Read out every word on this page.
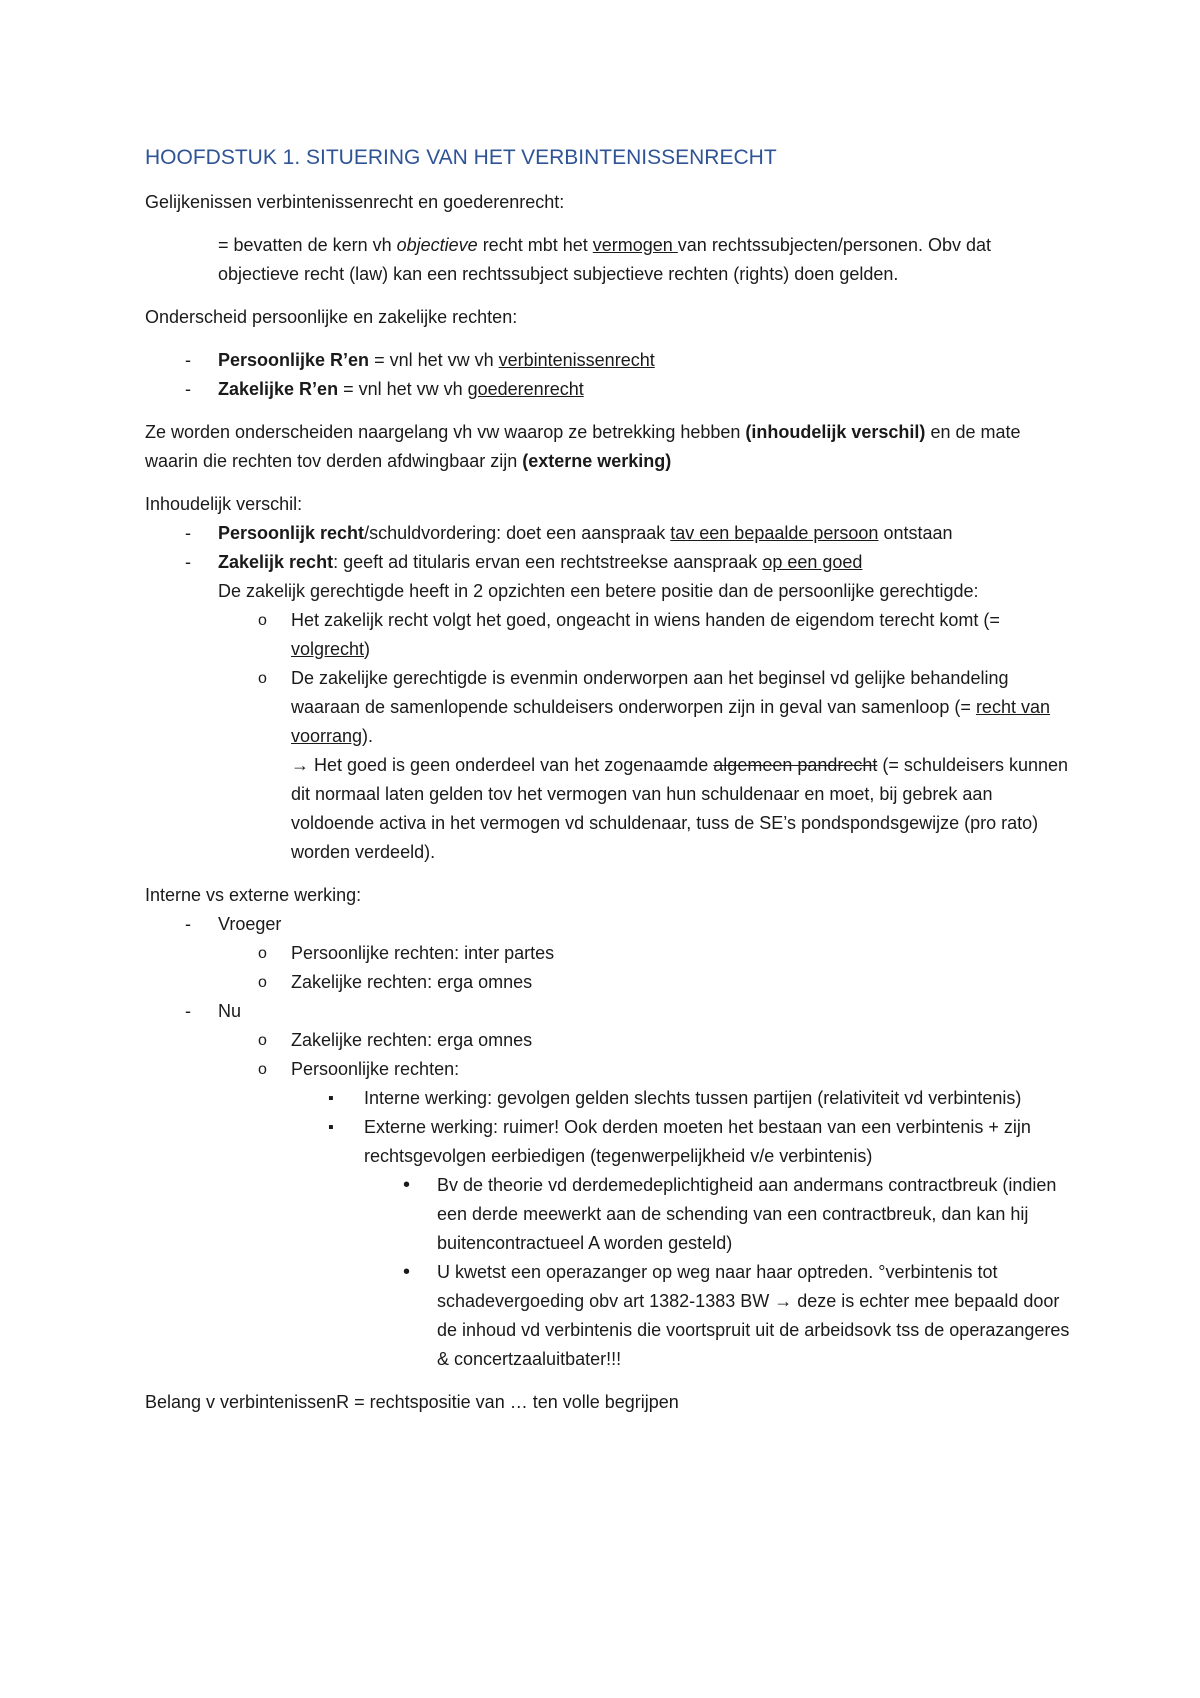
HOOFDSTUK 1. SITUERING VAN HET VERBINTENISSENRECHT
Gelijkenissen verbintenissenrecht en goederenrecht:
= bevatten de kern vh objectieve recht mbt het vermogen van rechtssubjecten/personen. Obv dat objectieve recht (law) kan een rechtssubject subjectieve rechten (rights) doen gelden.
Onderscheid persoonlijke en zakelijke rechten:
- Persoonlijke R’en = vnl het vw vh verbintenissenrecht
- Zakelijke R’en = vnl het vw vh goederenrecht
Ze worden onderscheiden naargelang vh vw waarop ze betrekking hebben (inhoudelijk verschil) en de mate waarin die rechten tov derden afdwingbaar zijn (externe werking)
Inhoudelijk verschil:
- Persoonlijk recht/schuldvordering: doet een aanspraak tav een bepaalde persoon ontstaan
- Zakelijk recht: geeft ad titularis ervan een rechtstreekse aanspraak op een goed
De zakelijk gerechtigde heeft in 2 opzichten een betere positie dan de persoonlijke gerechtigde:
o Het zakelijk recht volgt het goed, ongeacht in wiens handen de eigendom terecht komt (= volgrecht)
o De zakelijke gerechtigde is evenmin onderworpen aan het beginsel vd gelijke behandeling waaraan de samenlopende schuldeisers onderworpen zijn in geval van samenloop (= recht van voorrang).
→ Het goed is geen onderdeel van het zogenaamde algemeen pandrecht (= schuldeisers kunnen dit normaal laten gelden tov het vermogen van hun schuldenaar en moet, bij gebrek aan voldoende activa in het vermogen vd schuldenaar, tuss de SE’s pondspondsgewijze (pro rato) worden verdeeld).
Interne vs externe werking:
- Vroeger
o Persoonlijke rechten: inter partes
o Zakelijke rechten: erga omnes
- Nu
o Zakelijke rechten: erga omnes
o Persoonlijke rechten:
▪ Interne werking: gevolgen gelden slechts tussen partijen (relativiteit vd verbintenis)
▪ Externe werking: ruimer! Ook derden moeten het bestaan van een verbintenis + zijn rechtsgevolgen eerbiedigen (tegenwerpelijkheid v/e verbintenis)
• Bv de theorie vd derdemedeplichtigheid aan andermans contractbreuk (indien een derde meewerkt aan de schending van een contractbreuk, dan kan hij buitencontractueel A worden gesteld)
• U kwetst een operazanger op weg naar haar optreden. °verbintenis tot schadevergoeding obv art 1382-1383 BW → deze is echter mee bepaald door de inhoud vd verbintenis die voortspruit uit de arbeidsovk tss de operazangeres & concertzaaluitbater!!!
Belang v verbintenissenR = rechtspositie van … ten volle begrijpen
